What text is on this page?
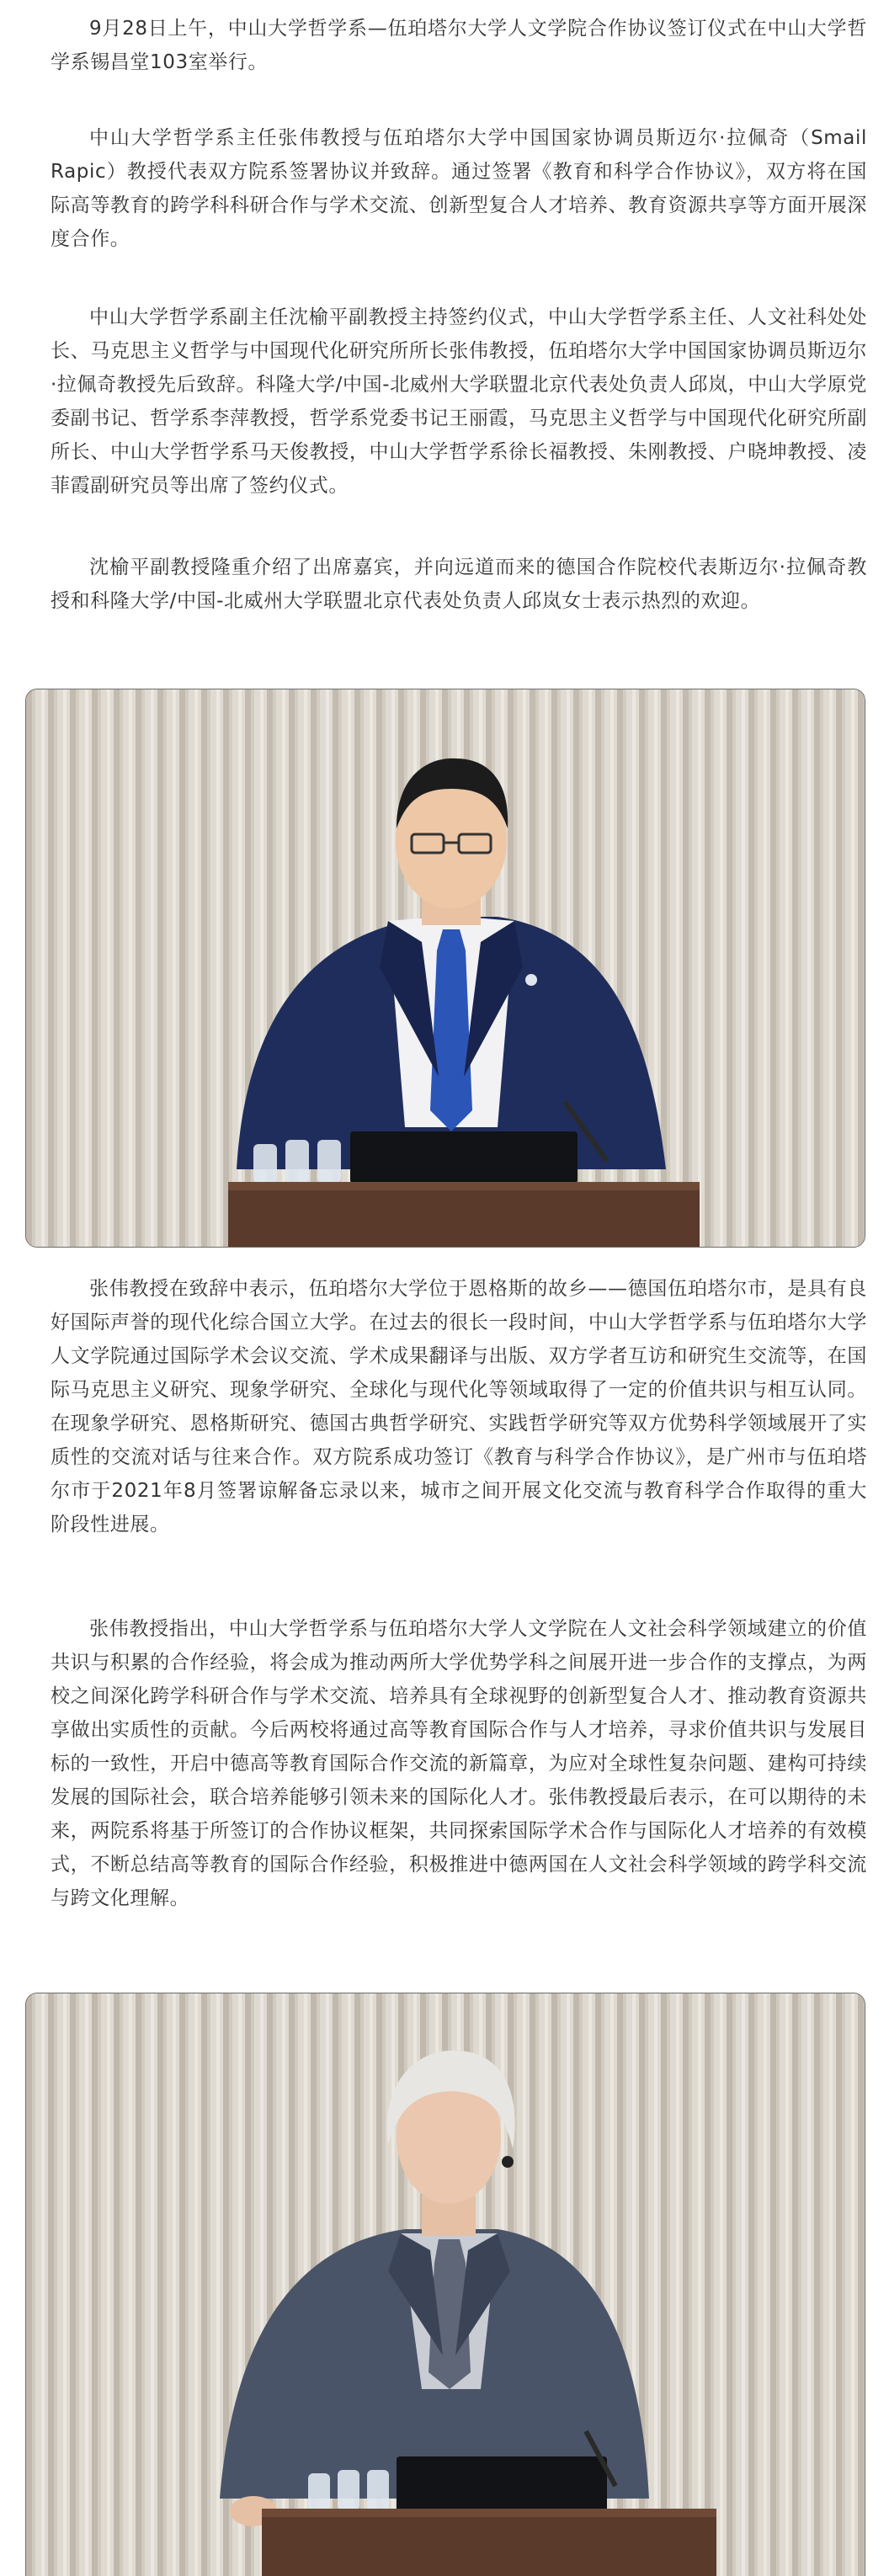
9月28日上午，中山大学哲学系—伍珀塔尔大学人文学院合作协议签订仪式在中山大学哲学系锡昌堂103室举行。

中山大学哲学系主任张伟教授与伍珀塔尔大学中国国家协调员斯迈尔·拉佩奇（Smail Rapic）教授代表双方院系签署协议并致辞。通过签署《教育和科学合作协议》，双方将在国际高等教育的跨学科科研合作与学术交流、创新型复合人才培养、教育资源共享等方面开展深度合作。

中山大学哲学系副主任沈榆平副教授主持签约仪式，中山大学哲学系主任、人文社科处处长、马克思主义哲学与中国现代化研究所所长张伟教授，伍珀塔尔大学中国国家协调员斯迈尔·拉佩奇教授先后致辞。科隆大学/中国-北威州大学联盟北京代表处负责人邱岚，中山大学原党委副书记、哲学系李萍教授，哲学系党委书记王丽霞，马克思主义哲学与中国现代化研究所副所长、中山大学哲学系马天俊教授，中山大学哲学系徐长福教授、朱刚教授、户晓坤教授、凌菲霞副研究员等出席了签约仪式。

沈榆平副教授隆重介绍了出席嘉宾，并向远道而来的德国合作院校代表斯迈尔·拉佩奇教授和科隆大学/中国-北威州大学联盟北京代表处负责人邱岚女士表示热烈的欢迎。

张伟教授在致辞中表示，伍珀塔尔大学位于恩格斯的故乡——德国伍珀塔尔市，是具有良好国际声誉的现代化综合国立大学。在过去的很长一段时间，中山大学哲学系与伍珀塔尔大学人文学院通过国际学术会议交流、学术成果翻译与出版、双方学者互访和研究生交流等，在国际马克思主义研究、现象学研究、全球化与现代化等领域取得了一定的价值共识与相互认同。在现象学研究、恩格斯研究、德国古典哲学研究、实践哲学研究等双方优势科学领域展开了实质性的交流对话与往来合作。双方院系成功签订《教育与科学合作协议》，是广州市与伍珀塔尔市于2021年8月签署谅解备忘录以来，城市之间开展文化交流与教育科学合作取得的重大阶段性进展。

张伟教授指出，中山大学哲学系与伍珀塔尔大学人文学院在人文社会科学领域建立的价值共识与积累的合作经验，将会成为推动两所大学优势学科之间展开进一步合作的支撑点，为两校之间深化跨学科研合作与学术交流、培养具有全球视野的创新型复合人才、推动教育资源共享做出实质性的贡献。今后两校将通过高等教育国际合作与人才培养，寻求价值共识与发展目标的一致性，开启中德高等教育国际合作交流的新篇章，为应对全球性复杂问题、建构可持续发展的国际社会，联合培养能够引领未来的国际化人才。张伟教授最后表示，在可以期待的未来，两院系将基于所签订的合作协议框架，共同探索国际学术合作与国际化人才培养的有效模式，不断总结高等教育的国际合作经验，积极推进中德两国在人文社会科学领域的跨学科交流与跨文化理解。
